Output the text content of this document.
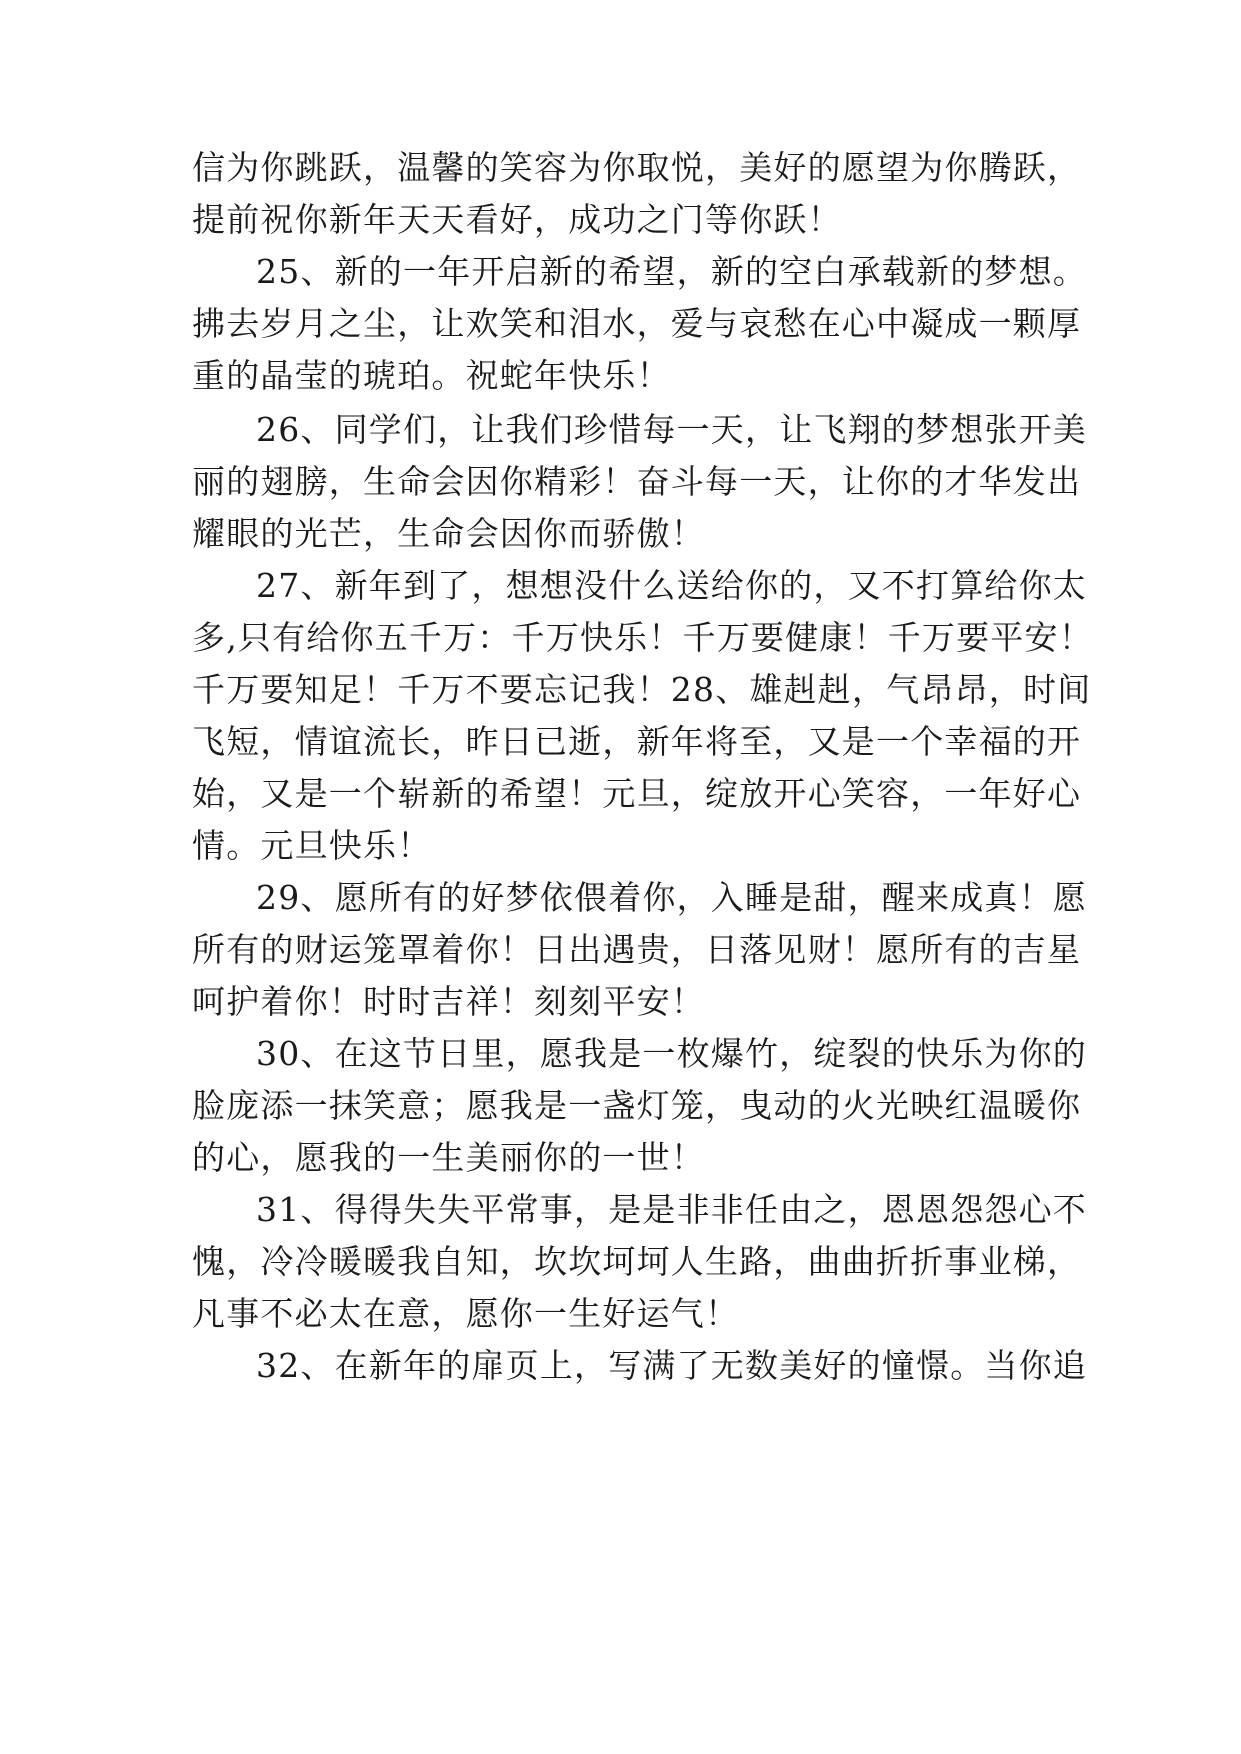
信为你跳跃，温馨的笑容为你取悦，美好的愿望为你腾跃，
提前祝你新年天天看好，成功之门等你跃！
25、新的一年开启新的希望，新的空白承载新的梦想。
拂去岁月之尘，让欢笑和泪水，爱与哀愁在心中凝成一颗厚
重的晶莹的琥珀。祝蛇年快乐！
26、同学们，让我们珍惜每一天，让飞翔的梦想张开美
丽的翅膀，生命会因你精彩！奋斗每一天，让你的才华发出
耀眼的光芒，生命会因你而骄傲！
27、新年到了，想想没什么送给你的，又不打算给你太
多,只有给你五千万：千万快乐！千万要健康！千万要平安！
千万要知足！千万不要忘记我！28、雄赳赳，气昂昂，时间
飞短，情谊流长，昨日已逝，新年将至，又是一个幸福的开
始，又是一个崭新的希望！元旦，绽放开心笑容，一年好心
情。元旦快乐！
29、愿所有的好梦依偎着你，入睡是甜，醒来成真！愿
所有的财运笼罩着你！日出遇贵，日落见财！愿所有的吉星
呵护着你！时时吉祥！刻刻平安！
30、在这节日里，愿我是一枚爆竹，绽裂的快乐为你的
脸庞添一抹笑意；愿我是一盏灯笼，曳动的火光映红温暖你
的心，愿我的一生美丽你的一世！
31、得得失失平常事，是是非非任由之，恩恩怨怨心不
愧，冷冷暖暖我自知，坎坎坷坷人生路，曲曲折折事业梯，
凡事不必太在意，愿你一生好运气！
32、在新年的扉页上，写满了无数美好的憧憬。当你追
